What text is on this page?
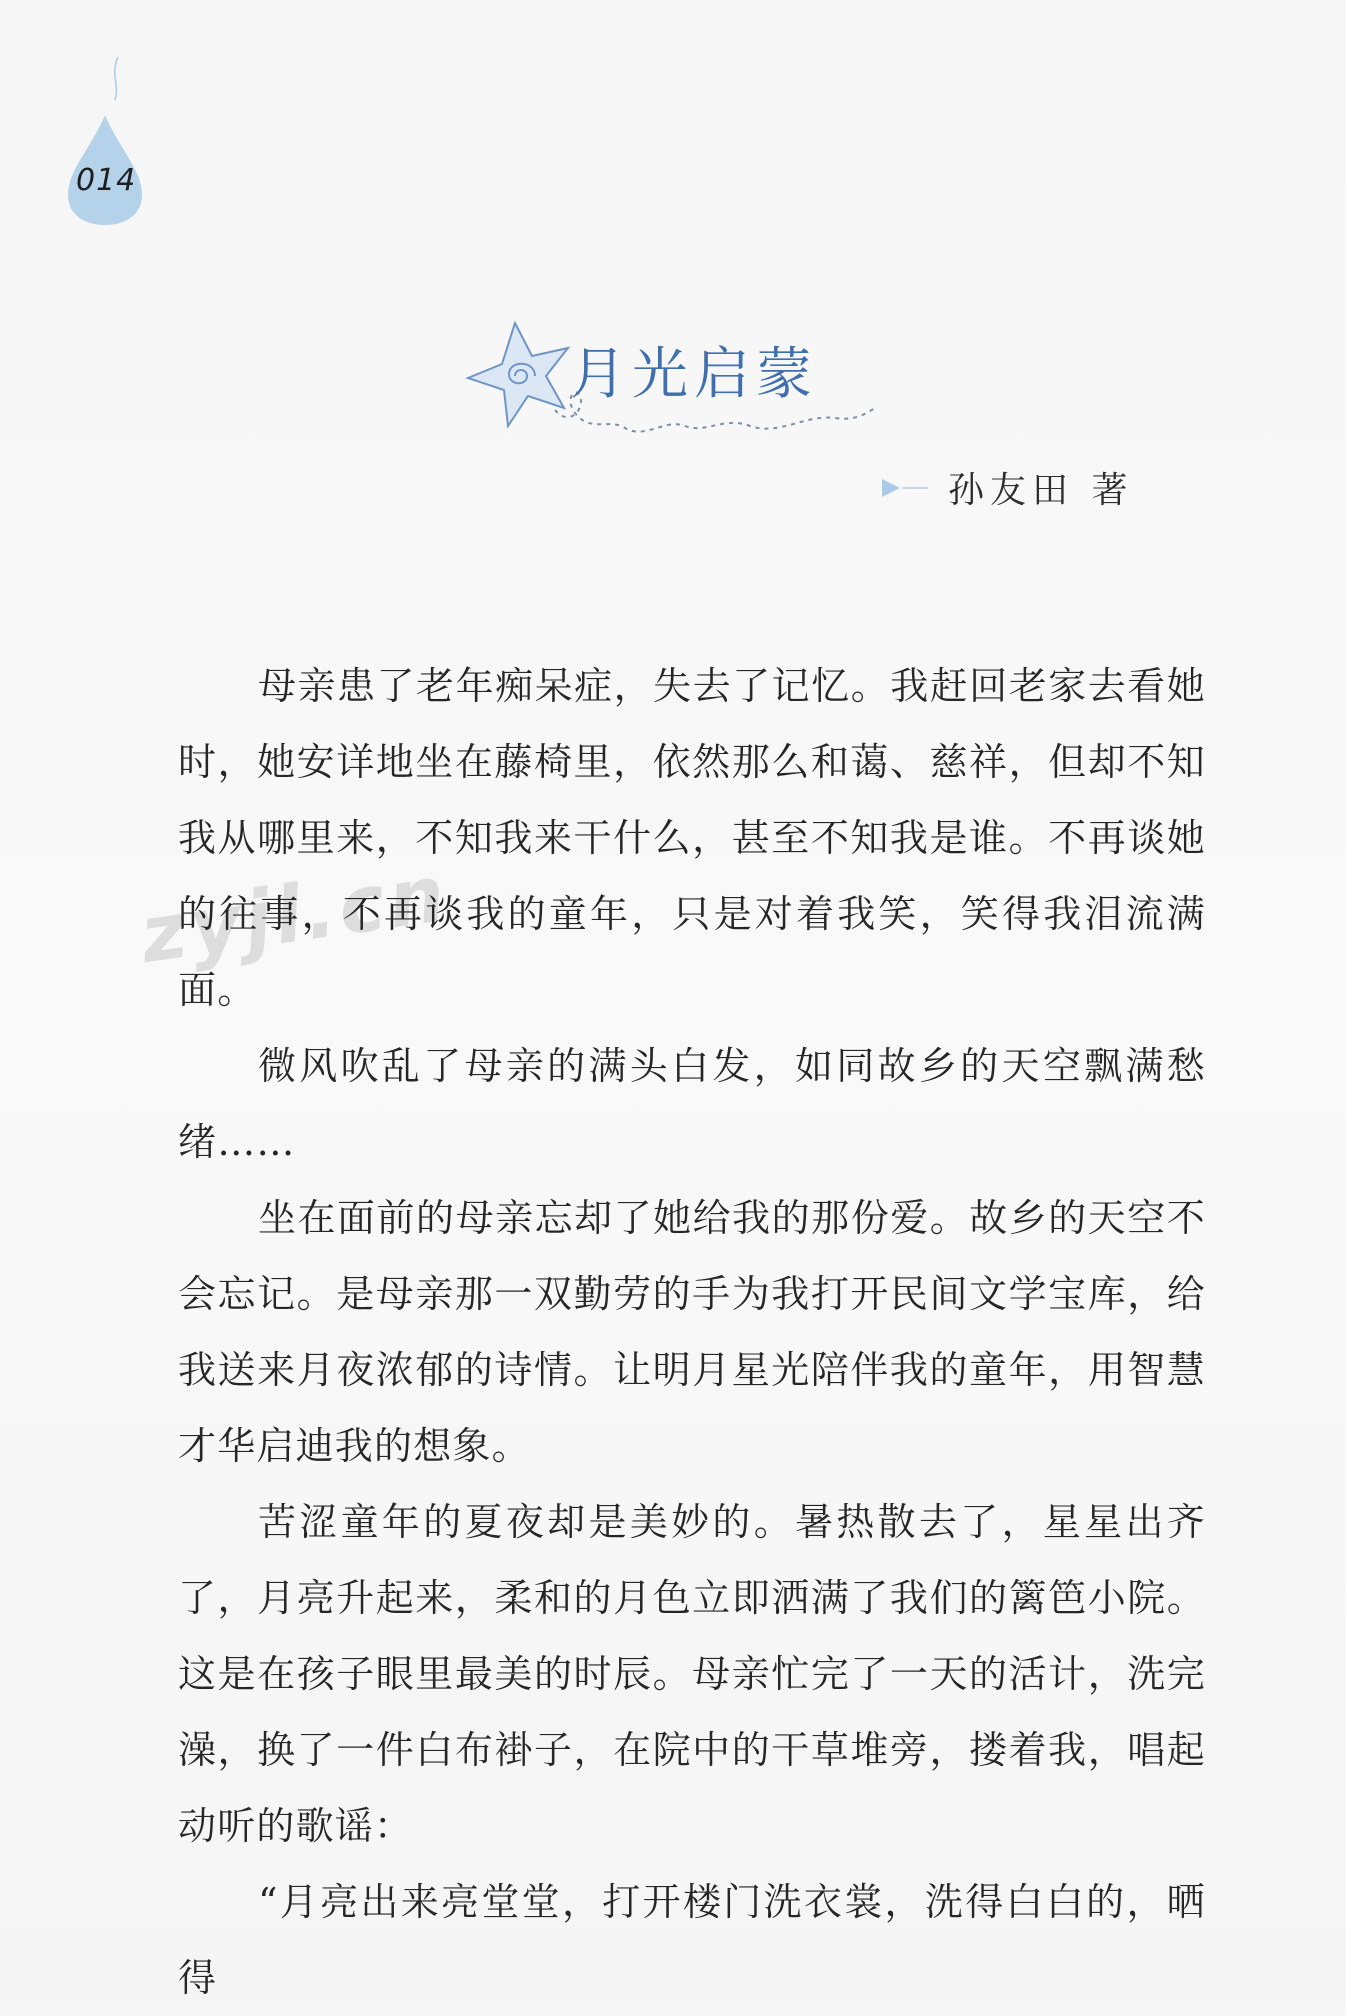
014
月光启蒙
孙友田 著
zyjl.cn

母亲患了老年痴呆症，失去了记忆。我赶回老家去看她时，她安详地坐在藤椅里，依然那么和蔼、慈祥，但却不知我从哪里来，不知我来干什么，甚至不知我是谁。不再谈她的往事，不再谈我的童年，只是对着我笑，笑得我泪流满面。

微风吹乱了母亲的满头白发，如同故乡的天空飘满愁绪……

坐在面前的母亲忘却了她给我的那份爱。故乡的天空不会忘记。是母亲那一双勤劳的手为我打开民间文学宝库，给我送来月夜浓郁的诗情。让明月星光陪伴我的童年，用智慧才华启迪我的想象。

苦涩童年的夏夜却是美妙的。暑热散去了，星星出齐了，月亮升起来，柔和的月色立即洒满了我们的篱笆小院。这是在孩子眼里最美的时辰。母亲忙完了一天的活计，洗完澡，换了一件白布褂子，在院中的干草堆旁，搂着我，唱起动听的歌谣：

“月亮出来亮堂堂，打开楼门洗衣裳，洗得白白的，晒得
